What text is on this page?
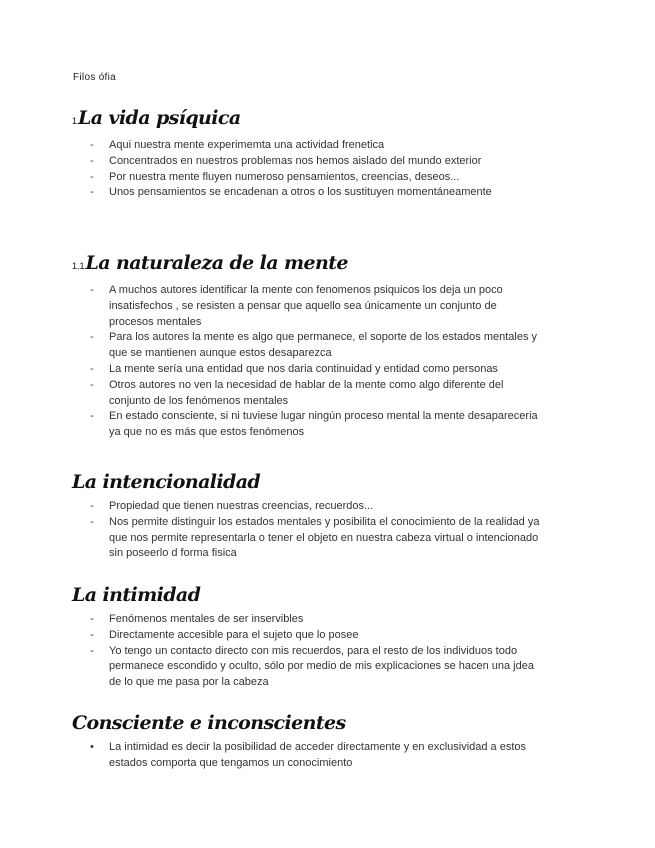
Filos ófia
1La vida psíquica
-	Aqui nuestra mente experimemta una actividad frenetica
-	Concentrados en nuestros problemas nos hemos aislado del mundo exterior
-	Por nuestra mente fluyen numeroso pensamientos, creencias, deseos...
-	Unos pensamientos se encadenan a otros o los sustituyen momentáneamente
1.1La naturaleza de la mente
-	A muchos autores identificar la mente con fenomenos psiquicos los deja un poco insatisfechos , se resisten a pensar que aquello sea únicamente un conjunto de procesos mentales
-	Para los autores la mente es algo que permanece, el soporte de los estados mentales y que se mantienen aunque estos desaparezca
-	La mente sería una entidad que nos daria continuidad y entidad como personas
-	Otros autores no ven la necesidad de hablar de la mente como algo diferente del conjunto de los fenómenos mentales
-	En estado consciente, si ni tuviese lugar ningún proceso mental la mente desapareceria ya que no es más que estos fenómenos
La intencionalidad
-	Propiedad que tienen nuestras creencias, recuerdos...
-	Nos permite distinguir los estados mentales y posibilita el conocimiento de la realidad ya que nos permite representarla o tener el objeto en nuestra cabeza virtual o intencionado sin poseerlo d forma fisica
La intimidad
-	Fenómenos mentales de ser inservibles
-	Directamente accesible para el sujeto que lo posee
-	Yo tengo un contacto directo con mis recuerdos, para el resto de los individuos todo permanece escondido y oculto, sólo por medio de mis explicaciones se hacen una jdea de lo que me pasa por la cabeza
Consciente e inconscientes
•	La intimidad es decir la posibilidad de acceder directamente y en exclusividad a estos estados comporta que tengamos un conocimiento
